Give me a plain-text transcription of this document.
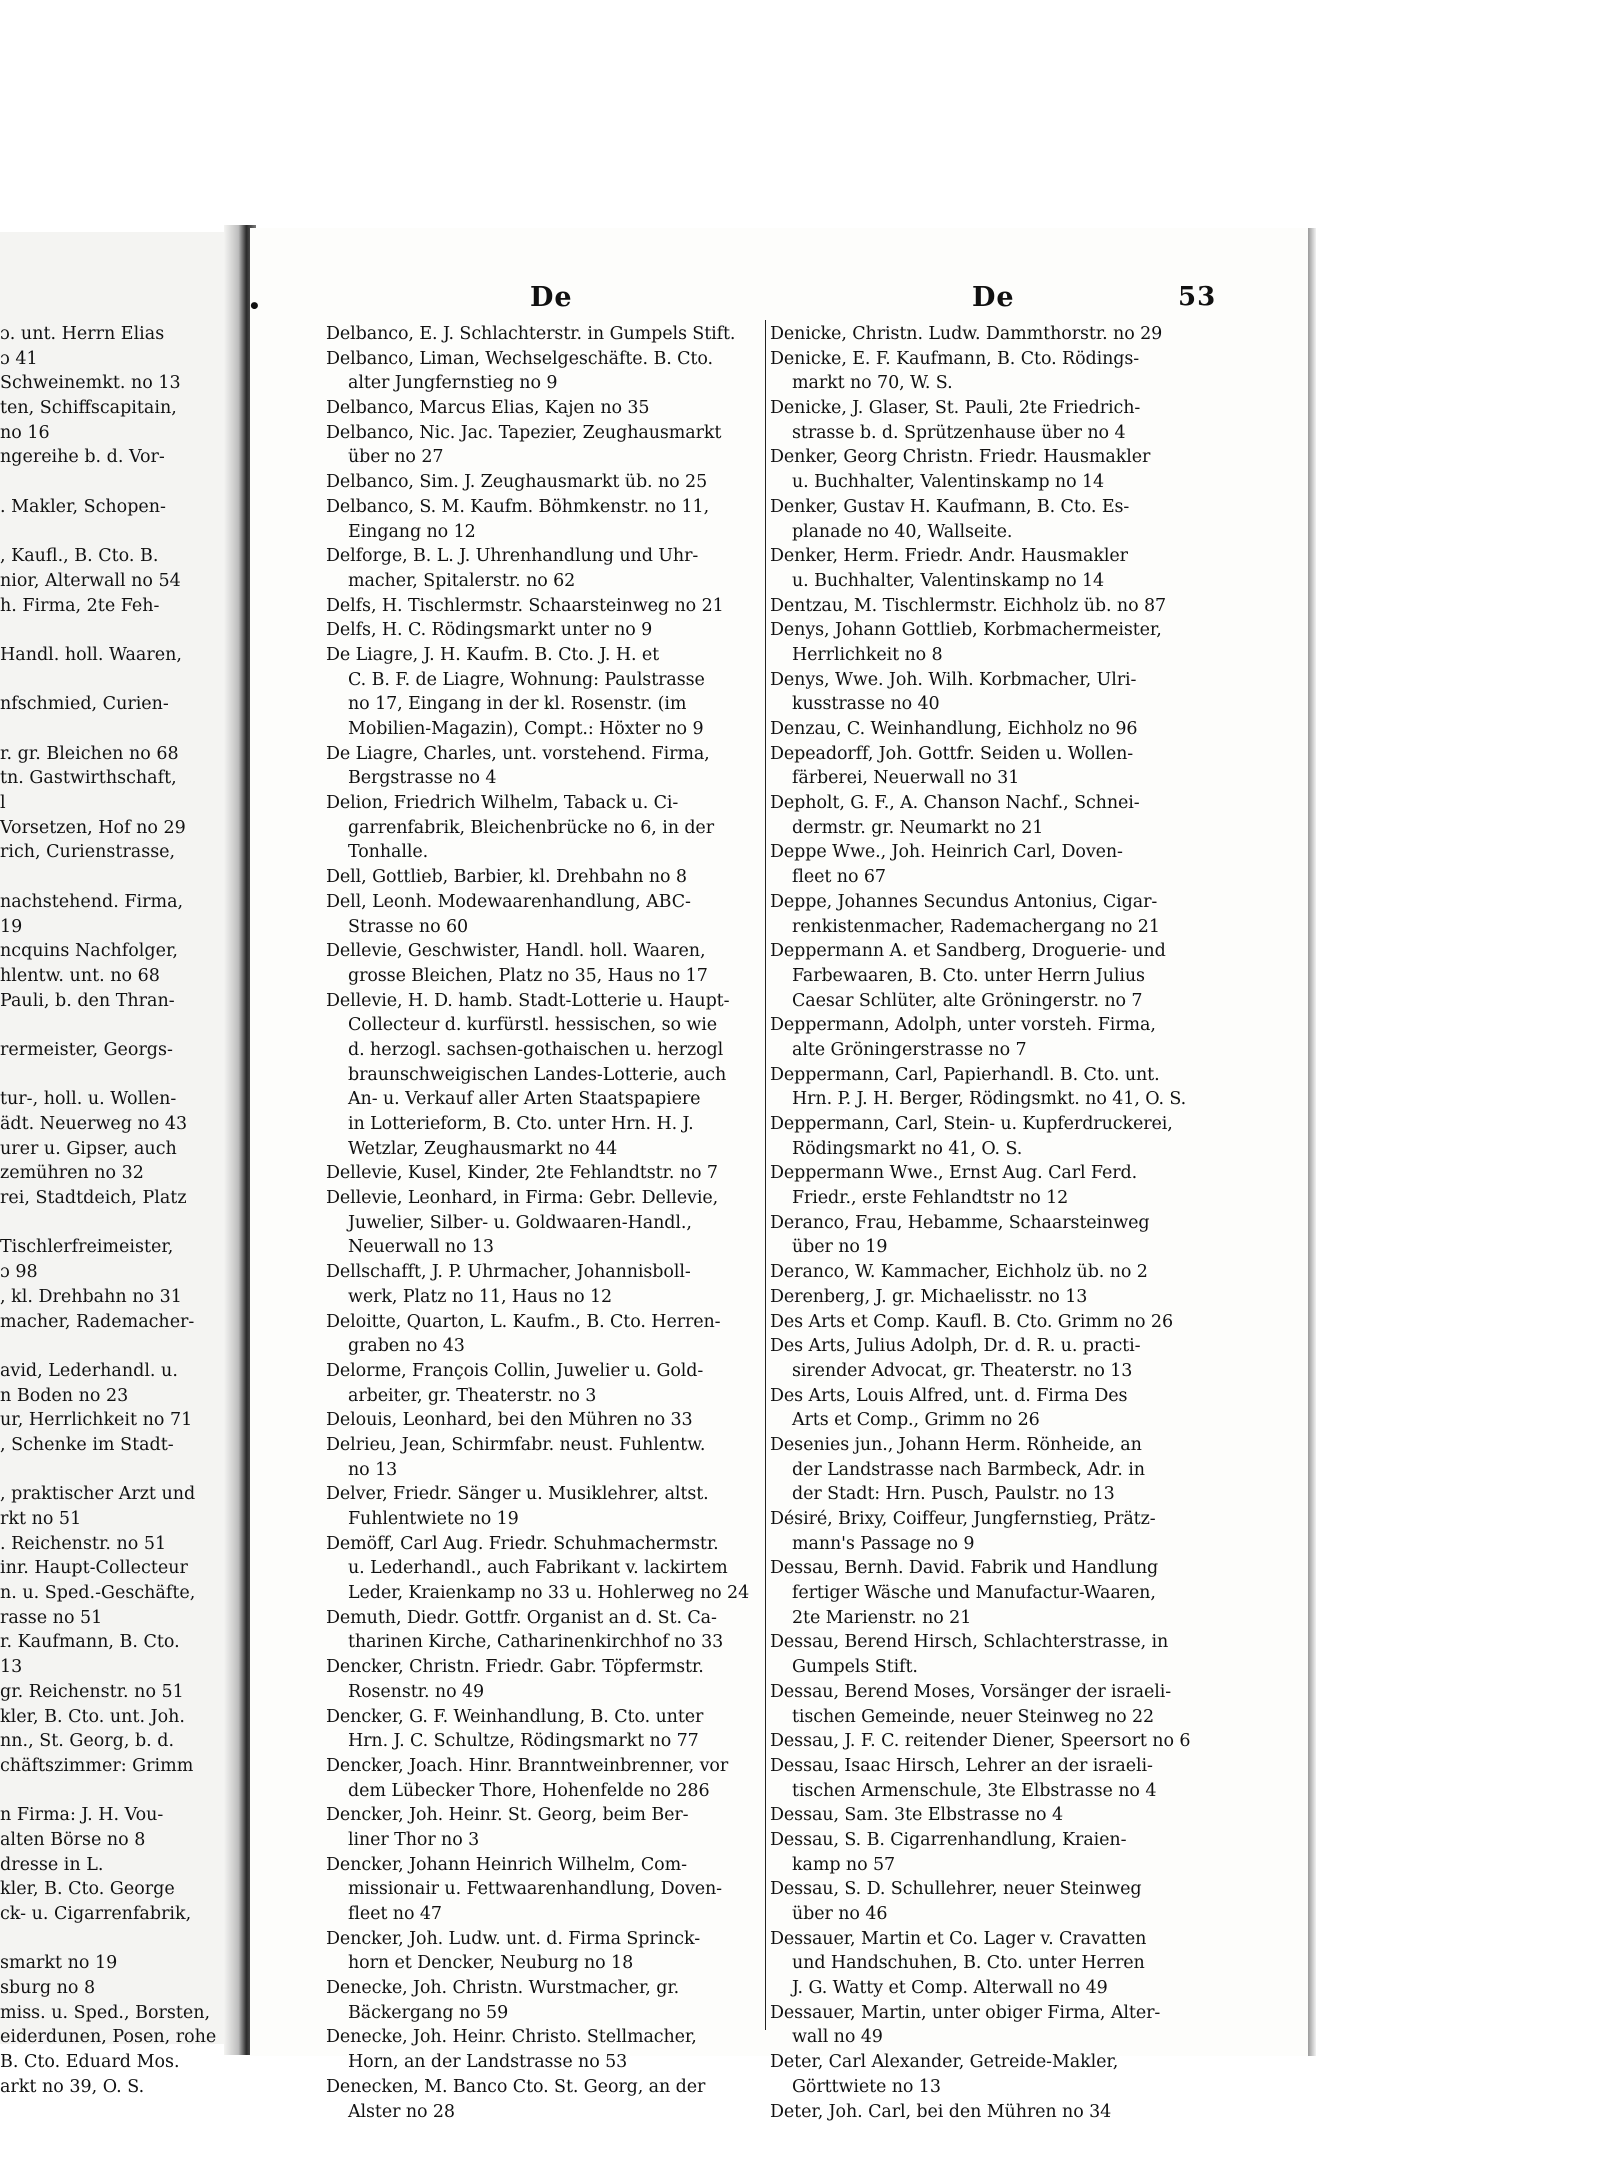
ɔ. unt. Herrn Elias
ɔ 41
Schweinemkt. no 13
ten, Schiffscapitain,
no 16
ngereihe b. d. Vor-
. Makler, Schopen-
, Kaufl., B. Cto. B.
nior, Alterwall no 54
h. Firma, 2te Feh-
Handl. holl. Waaren,
nfschmied, Curien-
r. gr. Bleichen no 68
tn. Gastwirthschaft,
l
Vorsetzen, Hof no 29
rich, Curienstrasse,
nachstehend. Firma,
19
ncquins Nachfolger,
hlentw. unt. no 68
Pauli, b. den Thran-
rermeister, Georgs-
tur-, holl. u. Wollen-
ädt. Neuerweg no 43
urer u. Gipser, auch
zemühren no 32
rei, Stadtdeich, Platz
Tischlerfreimeister,
ɔ 98
, kl. Drehbahn no 31
macher, Rademacher-
avid, Lederhandl. u.
n Boden no 23
ur, Herrlichkeit no 71
, Schenke im Stadt-
, praktischer Arzt und
rkt no 51
. Reichenstr. no 51
inr. Haupt-Collecteur
n. u. Sped.-Geschäfte,
rasse no 51
r. Kaufmann, B. Cto.
13
gr. Reichenstr. no 51
kler, B. Cto. unt. Joh.
nn., St. Georg, b. d.
chäftszimmer: Grimm
n Firma: J. H. Vou-
alten Börse no 8
dresse in L.
kler, B. Cto. George
ck- u. Cigarrenfabrik,
smarkt no 19
sburg no 8
miss. u. Sped., Borsten,
eiderdunen, Posen, rohe
B. Cto. Eduard Mos.
arkt no 39, O. S.
•	De	De	53
Delbanco, E. J. Schlachterstr. in Gumpels Stift.
Delbanco, Liman, Wechselgeschäfte. B. Cto.
alter Jungfernstieg no 9
Delbanco, Marcus Elias, Kajen no 35
Delbanco, Nic. Jac. Tapezier, Zeughausmarkt
über no 27
Delbanco, Sim. J. Zeughausmarkt üb. no 25
Delbanco, S. M. Kaufm. Böhmkenstr. no 11,
Eingang no 12
Delforge, B. L. J. Uhrenhandlung und Uhr-
macher, Spitalerstr. no 62
Delfs, H. Tischlermstr. Schaarsteinweg no 21
Delfs, H. C. Rödingsmarkt unter no 9
De Liagre, J. H. Kaufm. B. Cto. J. H. et
C. B. F. de Liagre, Wohnung: Paulstrasse
no 17, Eingang in der kl. Rosenstr. (im
Mobilien-Magazin), Compt.: Höxter no 9
De Liagre, Charles, unt. vorstehend. Firma,
Bergstrasse no 4
Delion, Friedrich Wilhelm, Taback u. Ci-
garrenfabrik, Bleichenbrücke no 6, in der
Tonhalle.
Dell, Gottlieb, Barbier, kl. Drehbahn no 8
Dell, Leonh. Modewaarenhandlung, ABC-
Strasse no 60
Dellevie, Geschwister, Handl. holl. Waaren,
grosse Bleichen, Platz no 35, Haus no 17
Dellevie, H. D. hamb. Stadt-Lotterie u. Haupt-
Collecteur d. kurfürstl. hessischen, so wie
d. herzogl. sachsen-gothaischen u. herzogl
braunschweigischen Landes-Lotterie, auch
An- u. Verkauf aller Arten Staatspapiere
in Lotterieform, B. Cto. unter Hrn. H. J.
Wetzlar, Zeughausmarkt no 44
Dellevie, Kusel, Kinder, 2te Fehlandtstr. no 7
Dellevie, Leonhard, in Firma: Gebr. Dellevie,
Juwelier, Silber- u. Goldwaaren-Handl.,
Neuerwall no 13
Dellschafft, J. P. Uhrmacher, Johannisboll-
werk, Platz no 11, Haus no 12
Deloitte, Quarton, L. Kaufm., B. Cto. Herren-
graben no 43
Delorme, François Collin, Juwelier u. Gold-
arbeiter, gr. Theaterstr. no 3
Delouis, Leonhard, bei den Mühren no 33
Delrieu, Jean, Schirmfabr. neust. Fuhlentw.
no 13
Delver, Friedr. Sänger u. Musiklehrer, altst.
Fuhlentwiete no 19
Demöff, Carl Aug. Friedr. Schuhmachermstr.
u. Lederhandl., auch Fabrikant v. lackirtem
Leder, Kraienkamp no 33 u. Hohlerweg no 24
Demuth, Diedr. Gottfr. Organist an d. St. Ca-
tharinen Kirche, Catharinenkirchhof no 33
Dencker, Christn. Friedr. Gabr. Töpfermstr.
Rosenstr. no 49
Dencker, G. F. Weinhandlung, B. Cto. unter
Hrn. J. C. Schultze, Rödingsmarkt no 77
Dencker, Joach. Hinr. Branntweinbrenner, vor
dem Lübecker Thore, Hohenfelde no 286
Dencker, Joh. Heinr. St. Georg, beim Ber-
liner Thor no 3
Dencker, Johann Heinrich Wilhelm, Com-
missionair u. Fettwaarenhandlung, Doven-
fleet no 47
Dencker, Joh. Ludw. unt. d. Firma Sprinck-
horn et Dencker, Neuburg no 18
Denecke, Joh. Christn. Wurstmacher, gr.
Bäckergang no 59
Denecke, Joh. Heinr. Christo. Stellmacher,
Horn, an der Landstrasse no 53
Denecken, M. Banco Cto. St. Georg, an der
Alster no 28
Denicke, Christn. Ludw. Dammthorstr. no 29
Denicke, E. F. Kaufmann, B. Cto. Rödings-
markt no 70, W. S.
Denicke, J. Glaser, St. Pauli, 2te Friedrich-
strasse b. d. Sprützenhause über no 4
Denker, Georg Christn. Friedr. Hausmakler
u. Buchhalter, Valentinskamp no 14
Denker, Gustav H. Kaufmann, B. Cto. Es-
planade no 40, Wallseite.
Denker, Herm. Friedr. Andr. Hausmakler
u. Buchhalter, Valentinskamp no 14
Dentzau, M. Tischlermstr. Eichholz üb. no 87
Denys, Johann Gottlieb, Korbmachermeister,
Herrlichkeit no 8
Denys, Wwe. Joh. Wilh. Korbmacher, Ulri-
kusstrasse no 40
Denzau, C. Weinhandlung, Eichholz no 96
Depeadorff, Joh. Gottfr. Seiden u. Wollen-
färberei, Neuerwall no 31
Depholt, G. F., A. Chanson Nachf., Schnei-
dermstr. gr. Neumarkt no 21
Deppe Wwe., Joh. Heinrich Carl, Doven-
fleet no 67
Deppe, Johannes Secundus Antonius, Cigar-
renkistenmacher, Rademachergang no 21
Deppermann A. et Sandberg, Droguerie- und
Farbewaaren, B. Cto. unter Herrn Julius
Caesar Schlüter, alte Gröningerstr. no 7
Deppermann, Adolph, unter vorsteh. Firma,
alte Gröningerstrasse no 7
Deppermann, Carl, Papierhandl. B. Cto. unt.
Hrn. P. J. H. Berger, Rödingsmkt. no 41, O. S.
Deppermann, Carl, Stein- u. Kupferdruckerei,
Rödingsmarkt no 41, O. S.
Deppermann Wwe., Ernst Aug. Carl Ferd.
Friedr., erste Fehlandtstr no 12
Deranco, Frau, Hebamme, Schaarsteinweg
über no 19
Deranco, W. Kammacher, Eichholz üb. no 2
Derenberg, J. gr. Michaelisstr. no 13
Des Arts et Comp. Kaufl. B. Cto. Grimm no 26
Des Arts, Julius Adolph, Dr. d. R. u. practi-
sirender Advocat, gr. Theaterstr. no 13
Des Arts, Louis Alfred, unt. d. Firma Des
Arts et Comp., Grimm no 26
Desenies jun., Johann Herm. Rönheide, an
der Landstrasse nach Barmbeck, Adr. in
der Stadt: Hrn. Pusch, Paulstr. no 13
Désiré, Brixy, Coiffeur, Jungfernstieg, Prätz-
mann's Passage no 9
Dessau, Bernh. David. Fabrik und Handlung
fertiger Wäsche und Manufactur-Waaren,
2te Marienstr. no 21
Dessau, Berend Hirsch, Schlachterstrasse, in
Gumpels Stift.
Dessau, Berend Moses, Vorsänger der israeli-
tischen Gemeinde, neuer Steinweg no 22
Dessau, J. F. C. reitender Diener, Speersort no 6
Dessau, Isaac Hirsch, Lehrer an der israeli-
tischen Armenschule, 3te Elbstrasse no 4
Dessau, Sam. 3te Elbstrasse no 4
Dessau, S. B. Cigarrenhandlung, Kraien-
kamp no 57
Dessau, S. D. Schullehrer, neuer Steinweg
über no 46
Dessauer, Martin et Co. Lager v. Cravatten
und Handschuhen, B. Cto. unter Herren
J. G. Watty et Comp. Alterwall no 49
Dessauer, Martin, unter obiger Firma, Alter-
wall no 49
Deter, Carl Alexander, Getreide-Makler,
Görttwiete no 13
Deter, Joh. Carl, bei den Mühren no 34
